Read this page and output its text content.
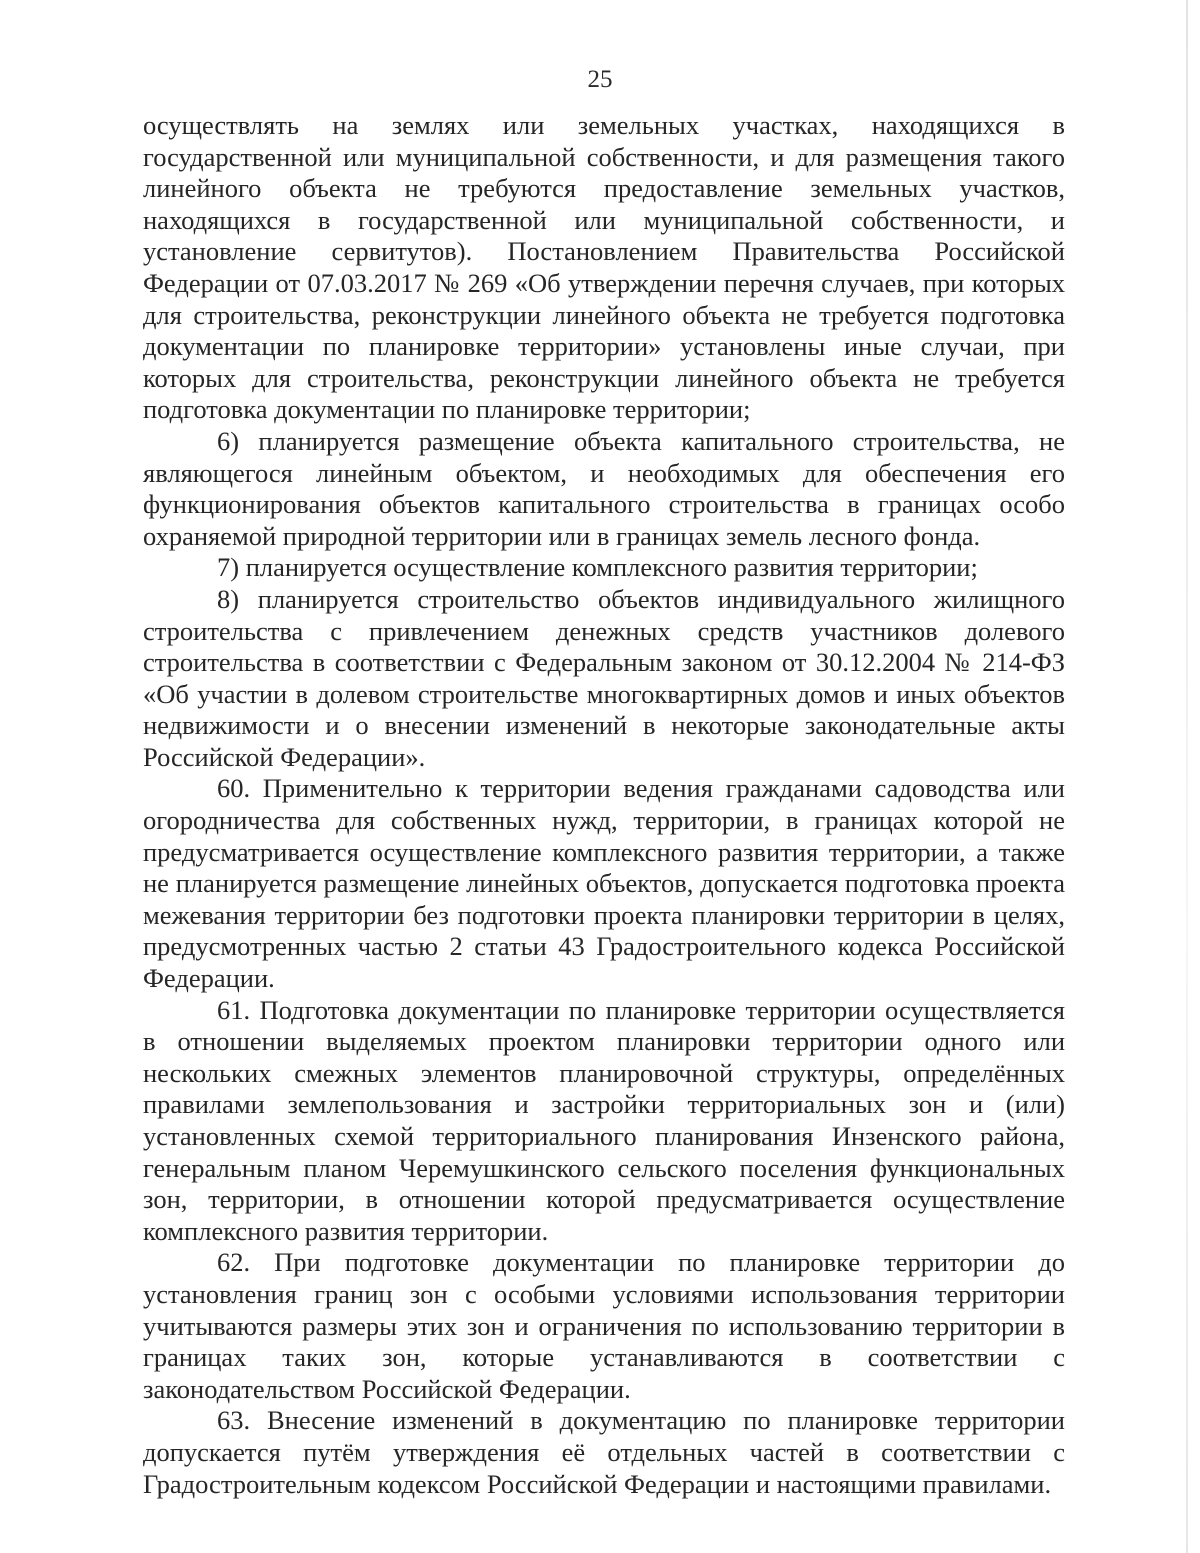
25

осуществлять на землях или земельных участках, находящихся в государственной или муниципальной собственности, и для размещения такого линейного объекта не требуются предоставление земельных участков, находящихся в государственной или муниципальной собственности, и установление сервитутов). Постановлением Правительства Российской Федерации от 07.03.2017 № 269 «Об утверждении перечня случаев, при которых для строительства, реконструкции линейного объекта не требуется подготовка документации по планировке территории» установлены иные случаи, при которых для строительства, реконструкции линейного объекта не требуется подготовка документации по планировке территории;

6) планируется размещение объекта капитального строительства, не являющегося линейным объектом, и необходимых для обеспечения его функционирования объектов капитального строительства в границах особо охраняемой природной территории или в границах земель лесного фонда.

7) планируется осуществление комплексного развития территории;

8) планируется строительство объектов индивидуального жилищного строительства с привлечением денежных средств участников долевого строительства в соответствии с Федеральным законом от 30.12.2004 № 214-ФЗ «Об участии в долевом строительстве многоквартирных домов и иных объектов недвижимости и о внесении изменений в некоторые законодательные акты Российской Федерации».

60. Применительно к территории ведения гражданами садоводства или огородничества для собственных нужд, территории, в границах которой не предусматривается осуществление комплексного развития территории, а также не планируется размещение линейных объектов, допускается подготовка проекта межевания территории без подготовки проекта планировки территории в целях, предусмотренных частью 2 статьи 43 Градостроительного кодекса Российской Федерации.

61. Подготовка документации по планировке территории осуществляется в отношении выделяемых проектом планировки территории одного или нескольких смежных элементов планировочной структуры, определённых правилами землепользования и застройки территориальных зон и (или) установленных схемой территориального планирования Инзенского района, генеральным планом Черемушкинского сельского поселения функциональных зон, территории, в отношении которой предусматривается осуществление комплексного развития территории.

62. При подготовке документации по планировке территории до установления границ зон с особыми условиями использования территории учитываются размеры этих зон и ограничения по использованию территории в границах таких зон, которые устанавливаются в соответствии с законодательством Российской Федерации.

63. Внесение изменений в документацию по планировке территории допускается путём утверждения её отдельных частей в соответствии с Градостроительным кодексом Российской Федерации и настоящими правилами.
